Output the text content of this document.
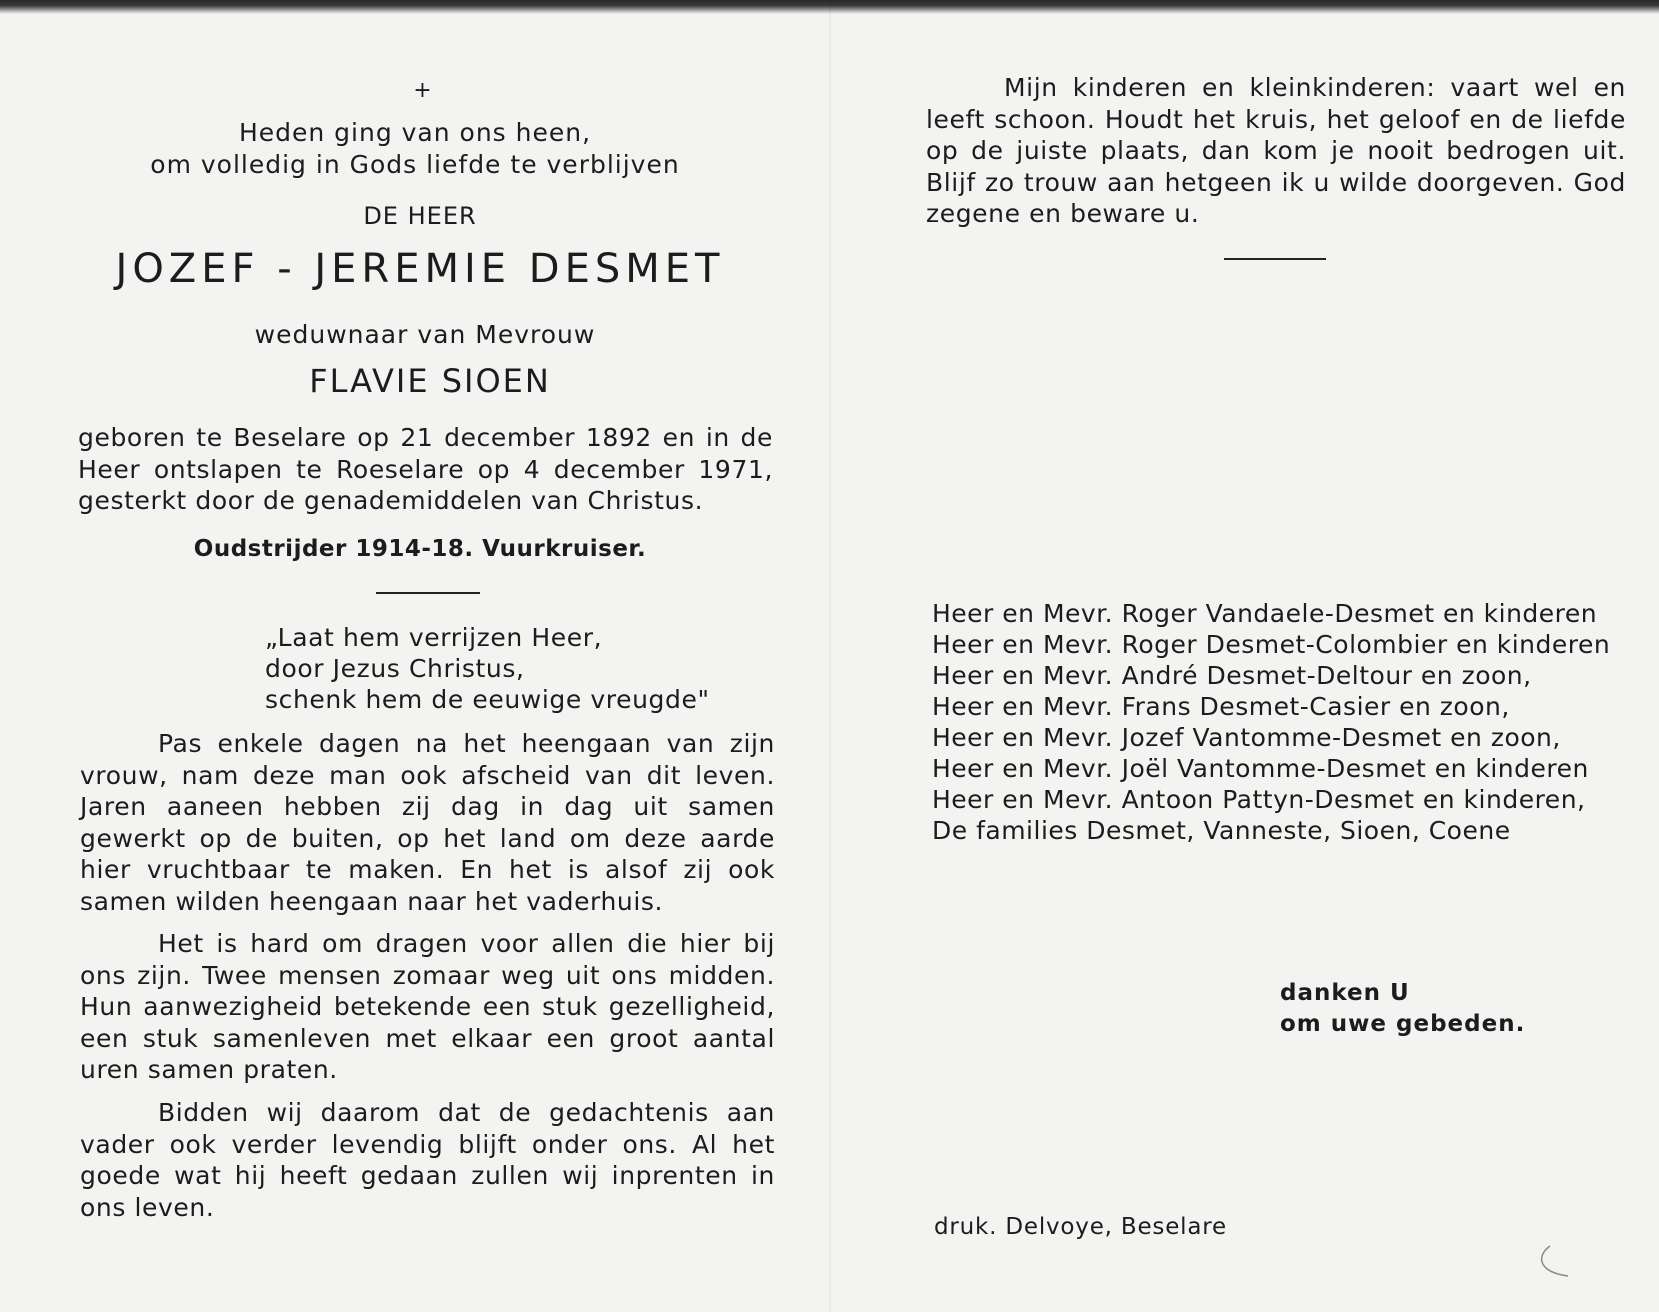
+
Heden ging van ons heen,
om volledig in Gods liefde te verblijven
DE HEER
JOZEF - JEREMIE DESMET
weduwnaar van Mevrouw
FLAVIE SIOEN
geboren te Beselare op 21 december 1892 en in de Heer ontslapen te Roeselare op 4 december 1971, gesterkt door de genademiddelen van Christus.
Oudstrijder 1914-18. Vuurkruiser.
„Laat hem verrijzen Heer,
door Jezus Christus,
schenk hem de eeuwige vreugde"
Pas enkele dagen na het heengaan van zijn vrouw, nam deze man ook afscheid van dit leven. Jaren aaneen hebben zij dag in dag uit samen gewerkt op de buiten, op het land om deze aarde hier vruchtbaar te maken. En het is alsof zij ook samen wilden heengaan naar het vaderhuis.
Het is hard om dragen voor allen die hier bij ons zijn. Twee mensen zomaar weg uit ons midden. Hun aanwezigheid betekende een stuk gezelligheid, een stuk samenleven met elkaar een groot aantal uren samen praten.
Bidden wij daarom dat de gedachtenis aan vader ook verder levendig blijft onder ons. Al het goede wat hij heeft gedaan zullen wij inprenten in ons leven.
Mijn kinderen en kleinkinderen: vaart wel en leeft schoon. Houdt het kruis, het geloof en de liefde op de juiste plaats, dan kom je nooit bedrogen uit. Blijf zo trouw aan hetgeen ik u wilde doorgeven. God zegene en beware u.
Heer en Mevr. Roger Vandaele-Desmet en kinderen
Heer en Mevr. Roger Desmet-Colombier en kinderen
Heer en Mevr. André Desmet-Deltour en zoon,
Heer en Mevr. Frans Desmet-Casier en zoon,
Heer en Mevr. Jozef Vantomme-Desmet en zoon,
Heer en Mevr. Joël Vantomme-Desmet en kinderen
Heer en Mevr. Antoon Pattyn-Desmet en kinderen,
De families Desmet, Vanneste, Sioen, Coene
danken U
om uwe gebeden.
druk. Delvoye, Beselare
